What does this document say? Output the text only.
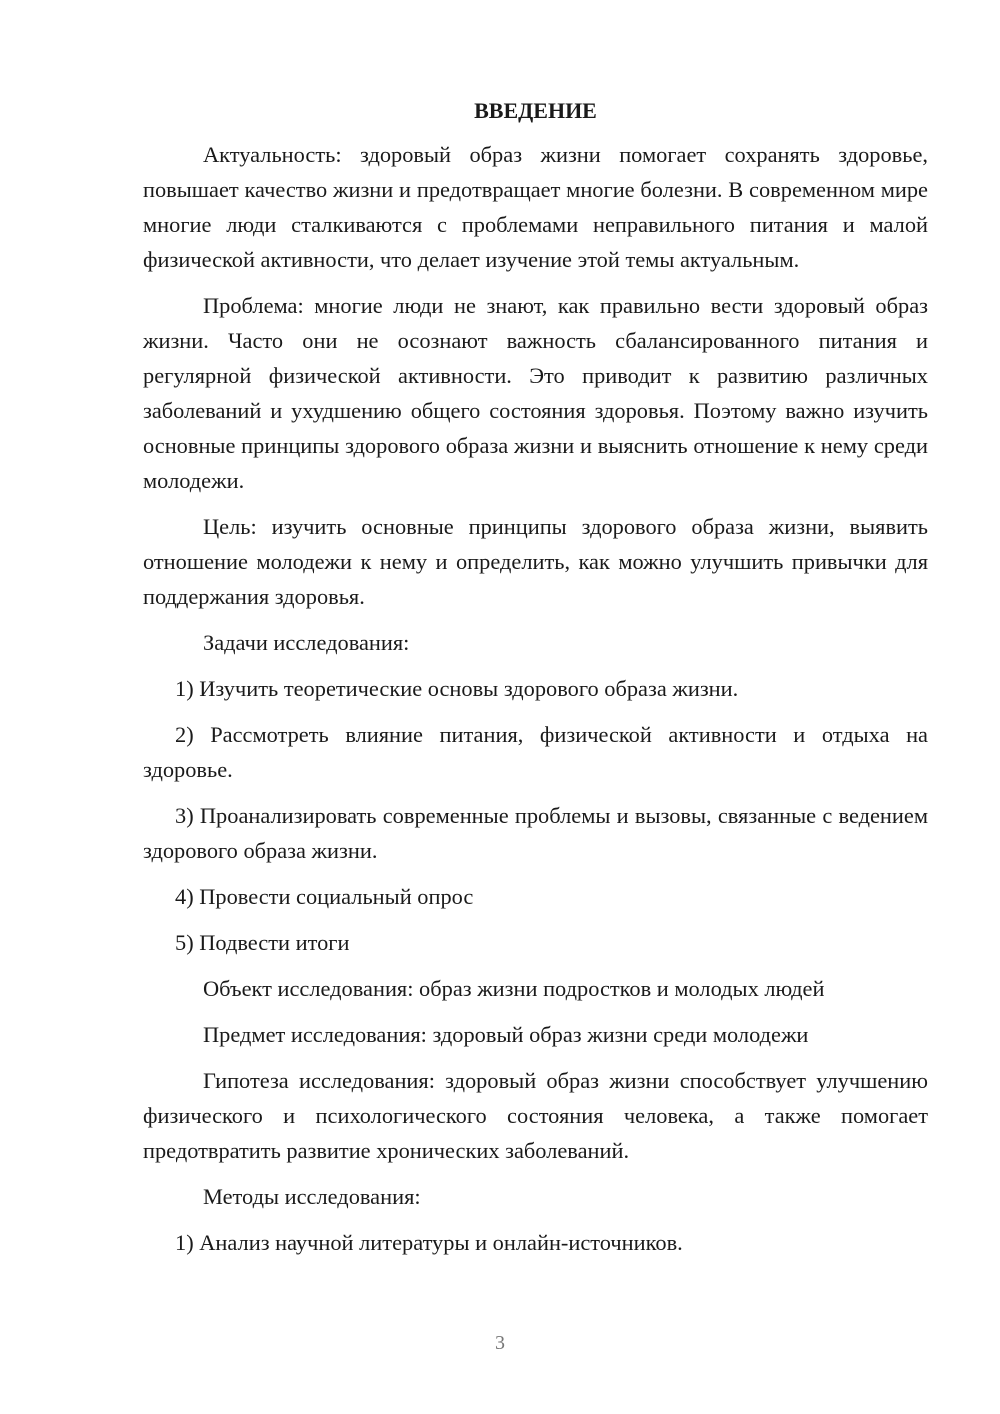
ВВЕДЕНИЕ

Актуальность: здоровый образ жизни помогает сохранять здоровье, повышает качество жизни и предотвращает многие болезни. В современном мире многие люди сталкиваются с проблемами неправильного питания и малой физической активности, что делает изучение этой темы актуальным.

Проблема: многие люди не знают, как правильно вести здоровый образ жизни. Часто они не осознают важность сбалансированного питания и регулярной физической активности. Это приводит к развитию различных заболеваний и ухудшению общего состояния здоровья. Поэтому важно изучить основные принципы здорового образа жизни и выяснить отношение к нему среди молодежи.

Цель: изучить основные принципы здорового образа жизни, выявить отношение молодежи к нему и определить, как можно улучшить привычки для поддержания здоровья.

Задачи исследования:

1) Изучить теоретические основы здорового образа жизни.

2) Рассмотреть влияние питания, физической активности и отдыха на здоровье.

3) Проанализировать современные проблемы и вызовы, связанные с ведением здорового образа жизни.

4) Провести социальный опрос

5) Подвести итоги

Объект исследования: образ жизни подростков и молодых людей

Предмет исследования: здоровый образ жизни среди молодежи

Гипотеза исследования: здоровый образ жизни способствует улучшению физического и психологического состояния человека, а также помогает предотвратить развитие хронических заболеваний.

Методы исследования:

1) Анализ научной литературы и онлайн-источников.

3
